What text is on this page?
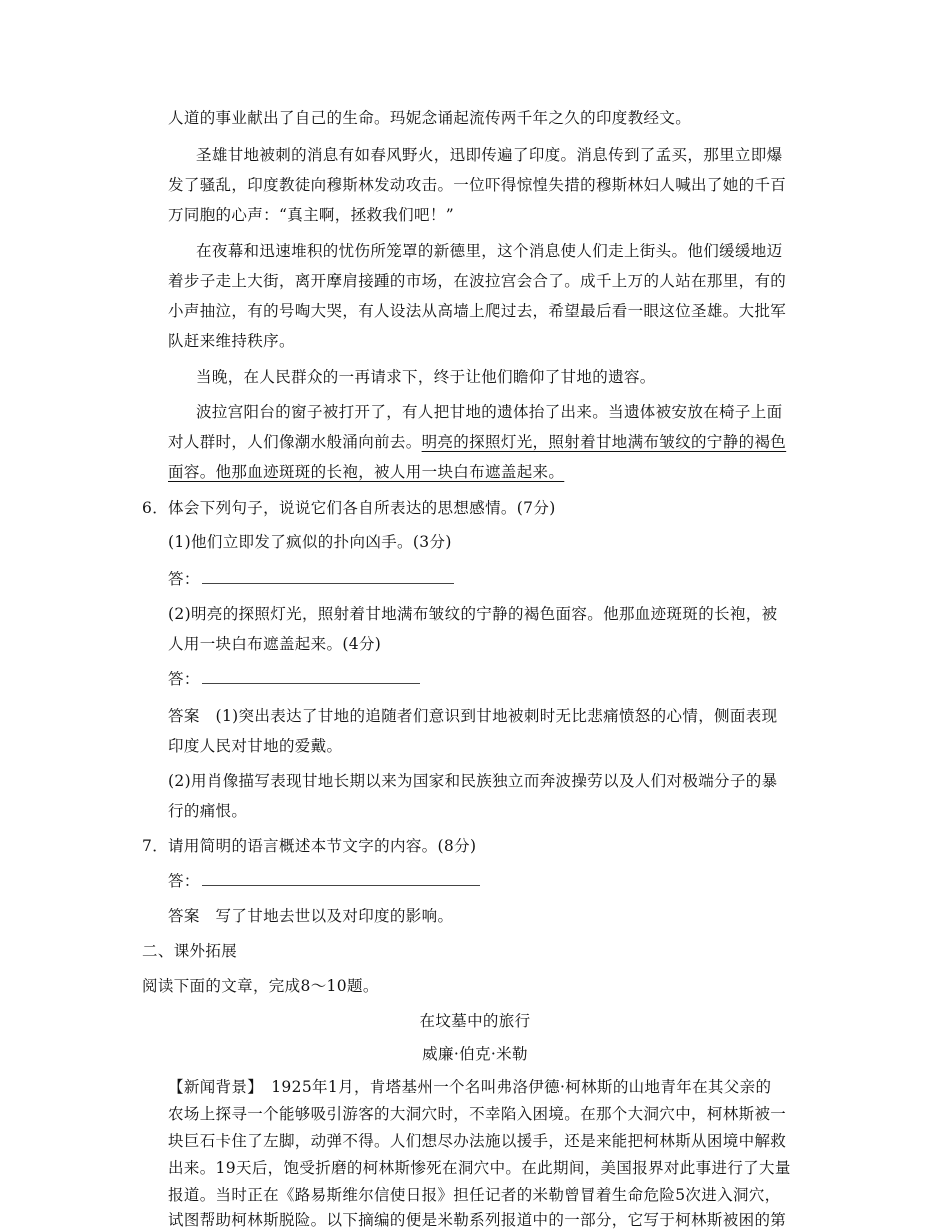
人道的事业献出了自己的生命。玛妮念诵起流传两千年之久的印度教经文。
圣雄甘地被刺的消息有如春风野火，迅即传遍了印度。消息传到了孟买，那里立即爆
发了骚乱，印度教徒向穆斯林发动攻击。一位吓得惊惶失措的穆斯林妇人喊出了她的千百
万同胞的心声：“真主啊，拯救我们吧！”
在夜幕和迅速堆积的忧伤所笼罩的新德里，这个消息使人们走上街头。他们缓缓地迈
着步子走上大街，离开摩肩接踵的市场，在波拉宫会合了。成千上万的人站在那里，有的
小声抽泣，有的号啕大哭，有人设法从高墙上爬过去，希望最后看一眼这位圣雄。大批军
队赶来维持秩序。
当晚，在人民群众的一再请求下，终于让他们瞻仰了甘地的遗容。
波拉宫阳台的窗子被打开了，有人把甘地的遗体抬了出来。当遗体被安放在椅子上面
对人群时，人们像潮水般涌向前去。明亮的探照灯光，照射着甘地满布皱纹的宁静的褐色
面容。他那血迹斑斑的长袍，被人用一块白布遮盖起来。
6．体会下列句子，说说它们各自所表达的思想感情。(7分)
(1)他们立即发了疯似的扑向凶手。(3分)
答：
(2)明亮的探照灯光，照射着甘地满布皱纹的宁静的褐色面容。他那血迹斑斑的长袍，被
人用一块白布遮盖起来。(4分)
答：
答案　(1)突出表达了甘地的追随者们意识到甘地被刺时无比悲痛愤怒的心情，侧面表现
印度人民对甘地的爱戴。
(2)用肖像描写表现甘地长期以来为国家和民族独立而奔波操劳以及人们对极端分子的暴
行的痛恨。
7．请用简明的语言概述本节文字的内容。(8分)
答：
答案　写了甘地去世以及对印度的影响。
二、课外拓展
阅读下面的文章，完成8～10题。
在坟墓中的旅行
威廉·伯克·米勒
【新闻背景】　1925年1月，肯塔基州一个名叫弗洛伊德·柯林斯的山地青年在其父亲的
农场上探寻一个能够吸引游客的大洞穴时，不幸陷入困境。在那个大洞穴中，柯林斯被一
块巨石卡住了左脚，动弹不得。人们想尽办法施以援手，还是来能把柯林斯从困境中解救
出来。19天后，饱受折磨的柯林斯惨死在洞穴中。在此期间，美国报界对此事进行了大量
报道。当时正在《路易斯维尔信使日报》担任记者的米勒曾冒着生命危险5次进入洞穴，
试图帮助柯林斯脱险。以下摘编的便是米勒系列报道中的一部分，它写于柯林斯被困的第
